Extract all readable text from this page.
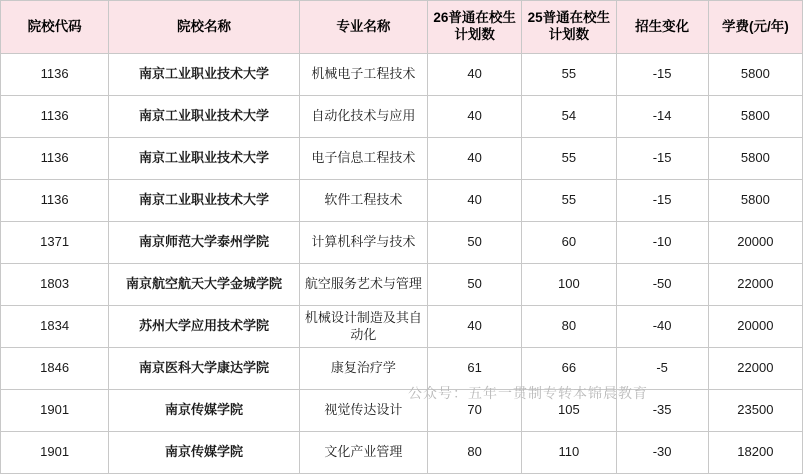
院校代码	院校名称	专业名称	26普通在校生计划数	25普通在校生计划数	招生变化	学费(元/年)
1136	南京工业职业技术大学	机械电子工程技术	40	55	-15	5800
1136	南京工业职业技术大学	自动化技术与应用	40	54	-14	5800
1136	南京工业职业技术大学	电子信息工程技术	40	55	-15	5800
1136	南京工业职业技术大学	软件工程技术	40	55	-15	5800
1371	南京师范大学泰州学院	计算机科学与技术	50	60	-10	20000
1803	南京航空航天大学金城学院	航空服务艺术与管理	50	100	-50	22000
1834	苏州大学应用技术学院	机械设计制造及其自动化	40	80	-40	20000
1846	南京医科大学康达学院	康复治疗学	61	66	-5	22000
1901	南京传媒学院	视觉传达设计	70	105	-35	23500
1901	南京传媒学院	文化产业管理	80	110	-30	18200
公众号：五年一贯制专转本锦晨教育
